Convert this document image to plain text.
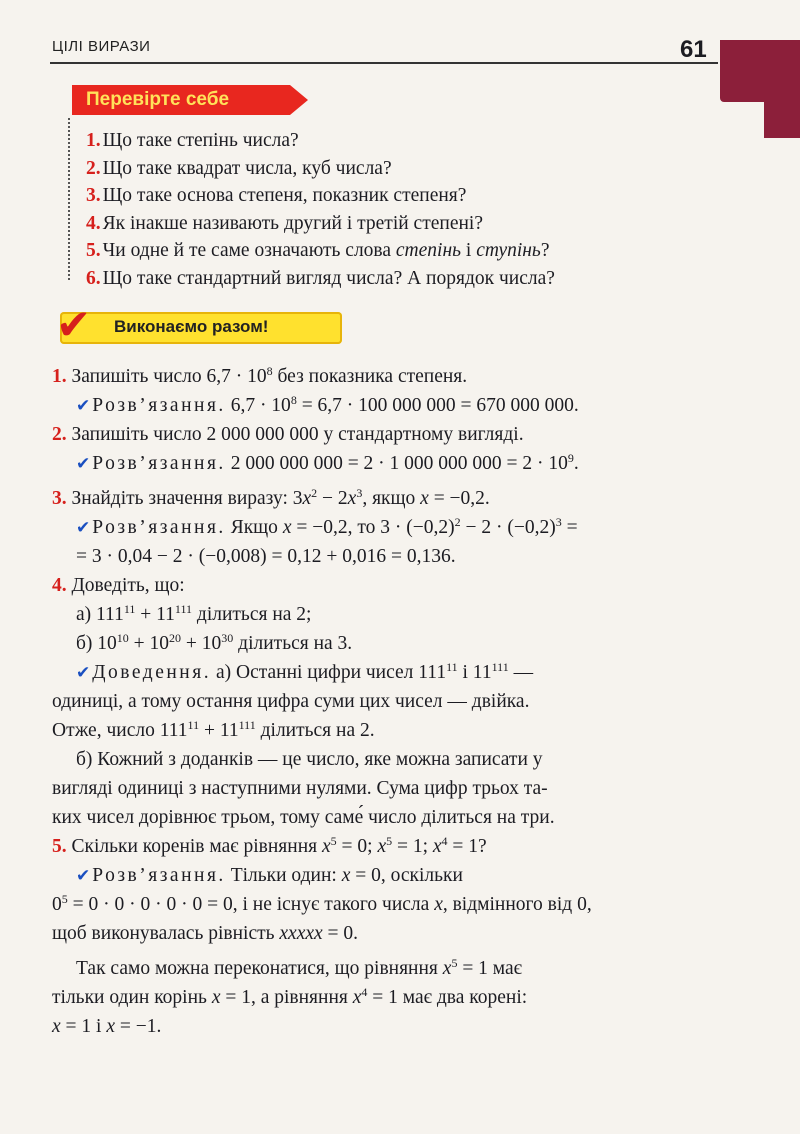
ЦІЛІ ВИРАЗИ	61
Перевірте себе
1. Що таке степінь числа?
2. Що таке квадрат числа, куб числа?
3. Що таке основа степеня, показник степеня?
4. Як інакше називають другий і третій степені?
5. Чи одне й те саме означають слова степінь і ступінь?
6. Що таке стандартний вигляд числа? А порядок числа?
✔ Виконаємо разом!
1. Запишіть число $6,7 \cdot 10^8$ без показника степеня.
✔ Розв’язання. $6,7 \cdot 10^8 = 6,7 \cdot 100$ 000 000 = 670 000 000.
2. Запишіть число 2 000 000 000 у стандартному вигляді.
✔ Розв’язання. 2 000 000 000 = 2 · 1 000 000 $000 = 2 \cdot 10^9$.
3. Знайдіть значення виразу: $3x^2 - 2x^3$, якщо x = −0,2.
✔ Розв’язання. Якщо x = −0,2, то $3 \cdot (-0,2)^2 - 2 \cdot (-0,2)^3$ =
= 3 · 0,04 − 2 · (−0,008) = 0,12 + 0,016 = 0,136.
4. Доведіть, що:
а) $111^{11} + 11^{111}$ ділиться на 2;
б) $10^{10} + 10^{20} + 10^{30}$ ділиться на 3.
✔ Доведення. а) Останні цифри чисел $111^{11}$ і $11^{111}$ —
одиниці, а тому остання цифра суми цих чисел — двійка.
Отже, число $111^{11} + 11^{111}$ ділиться на 2.
б) Кожний з доданків — це число, яке можна записати у
вигляді одиниці з наступними нулями. Сума цифр трьох та-
ких чисел дорівнює трьом, тому саме́ число ділиться на три.
5. Скільки коренів має рівняння $x^5 = 0$; $x^5 = 1$; $x^4 = 1$?
✔ Розв’язання. Тільки один: x = 0, оскільки
$0^5 = 0 \cdot 0 \cdot 0 \cdot 0 \cdot 0 = 0$, і не існує такого числа x, відмінного від 0,
щоб виконувалась рівність xxxxx = 0.
Так само можна переконатися, що рівняння $x^5 = 1$ має
тільки один корінь x = 1, а рівняння $x^4 = 1$ має два корені:
x = 1 і x = −1.
